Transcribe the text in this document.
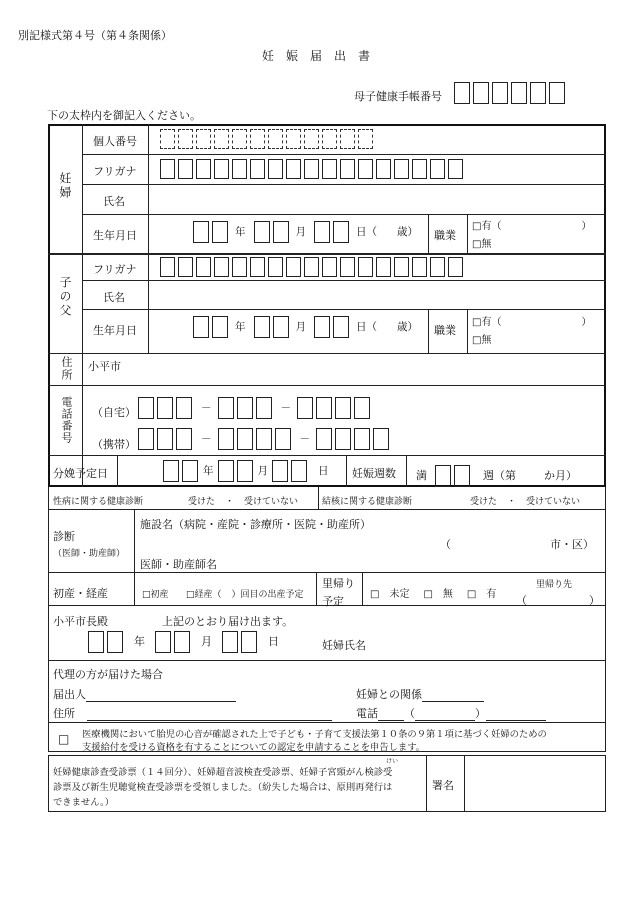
別記様式第４号（第４条関係）
妊　娠　届　出　書
母子健康手帳番号
下の太枠内を御記入ください。
妊婦
個人番号
フリガナ
氏名
生年月日	年	月	日（ 歳） 職業
□有（	）
□無
子の父
フリガナ
氏名
生年月日	年	月	日（ 歳） 職業
□有（	）
□無
住所 小平市
電話番号 （自宅）	－	－
（携帯）	－	－
分娩予定日	年	月	日	妊娠週数 満	週（第	か月）
性病に関する健康診断	受けた ・ 受けていない	結核に関する健康診断	受けた ・ 受けていない
診断
（医師・助産師）
施設名（病院・産院・診療所・医院・助産所）
（	市・区）
医師・助産師名
初産・経産	□初産 □経産（ ）回目の出産予定
里帰り
予定
□　未定 □　無 □　有
里帰り先
（	）
小平市長殿	上記のとおり届け出ます。
年	月	日	妊婦氏名
代理の方が届けた場合
届出人	妊婦との関係
住所	電話 （	）
□ 医療機関において胎児の心音が確認された上で子ども・子育て支援法第１０条の９第１項に基づく妊婦のための
支援給付を受ける資格を有することについての認定を申請することを申告します。
けい
妊婦健康診査受診票（１４回分）、妊婦超音波検査受診票、妊婦子宮頸がん検診受
診票及び新生児聴覚検査受診票を受領しました。（紛失した場合は、原則再発行は
できません。）
署名
